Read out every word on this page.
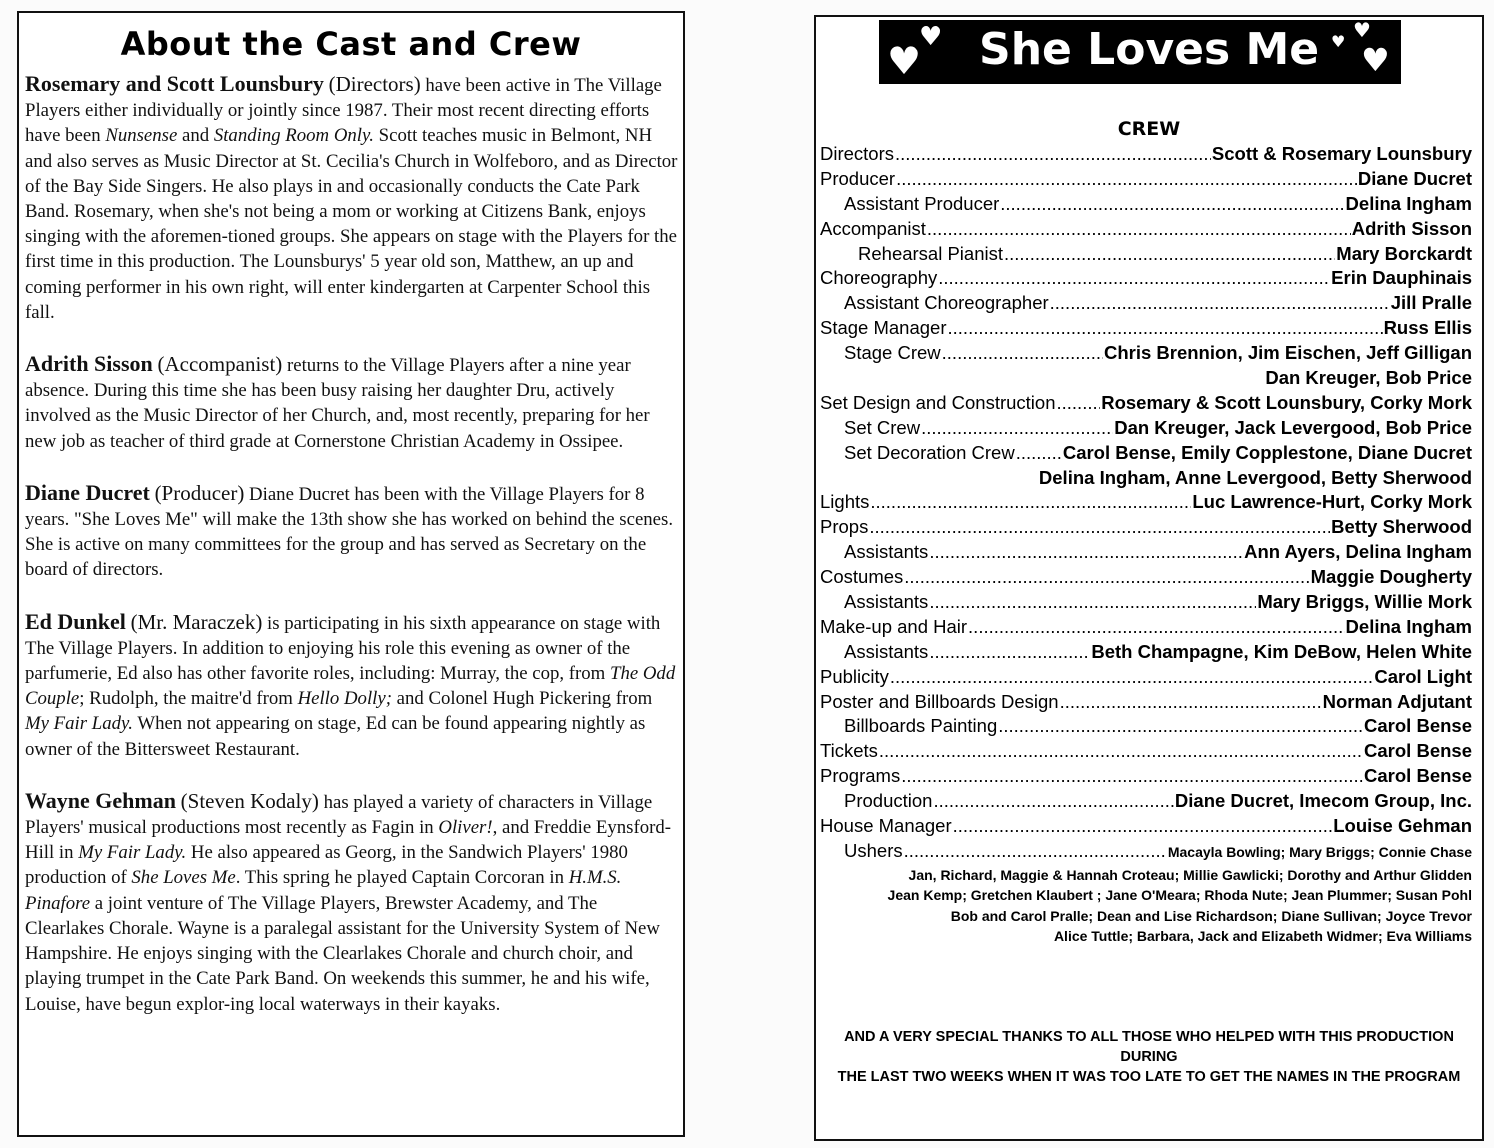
About the Cast and Crew

Rosemary and Scott Lounsbury (Directors) have been active in The Village Players either individually or jointly since 1987. Their most recent directing efforts have been Nunsense and Standing Room Only. Scott teaches music in Belmont, NH and also serves as Music Director at St. Cecilia's Church in Wolfeboro, and as Director of the Bay Side Singers. He also plays in and occasionally conducts the Cate Park Band. Rosemary, when she's not being a mom or working at Citizens Bank, enjoys singing with the aforemen-tioned groups. She appears on stage with the Players for the first time in this production. The Lounsburys' 5 year old son, Matthew, an up and coming performer in his own right, will enter kindergarten at Carpenter School this fall.

Adrith Sisson (Accompanist) returns to the Village Players after a nine year absence. During this time she has been busy raising her daughter Dru, actively involved as the Music Director of her Church, and, most recently, preparing for her new job as teacher of third grade at Cornerstone Christian Academy in Ossipee.

Diane Ducret (Producer) Diane Ducret has been with the Village Players for 8 years. "She Loves Me" will make the 13th show she has worked on behind the scenes. She is active on many committees for the group and has served as Secretary on the board of directors.

Ed Dunkel (Mr. Maraczek) is participating in his sixth appearance on stage with The Village Players. In addition to enjoying his role this evening as owner of the parfumerie, Ed also has other favorite roles, including: Murray, the cop, from The Odd Couple; Rudolph, the maitre'd from Hello Dolly; and Colonel Hugh Pickering from My Fair Lady. When not appearing on stage, Ed can be found appearing nightly as owner of the Bittersweet Restaurant.

Wayne Gehman (Steven Kodaly) has played a variety of characters in Village Players' musical productions most recently as Fagin in Oliver!, and Freddie Eynsford-Hill in My Fair Lady. He also appeared as Georg, in the Sandwich Players' 1980 production of She Loves Me. This spring he played Captain Corcoran in H.M.S. Pinafore a joint venture of The Village Players, Brewster Academy, and The Clearlakes Chorale. Wayne is a paralegal assistant for the University System of New Hampshire. He enjoys singing with the Clearlakes Chorale and church choir, and playing trumpet in the Cate Park Band. On weekends this summer, he and his wife, Louise, have begun explor-ing local waterways in their kayaks.

♥
♥ She Loves Me ♥ ♥
♥
CREW
Directors .....	Scott & Rosemary Lounsbury
Producer .....	Diane Ducret
Assistant Producer .....	Delina Ingham
Accompanist .....	Adrith Sisson
Rehearsal Pianist .....	Mary Borckardt
Choreography .....	Erin Dauphinais
Assistant Choreographer .....	Jill Pralle
Stage Manager .....	Russ Ellis
Stage Crew .....	Chris Brennion, Jim Eischen, Jeff Gilligan
Dan Kreuger, Bob Price
Set Design and Construction ..... Rosemary & Scott Lounsbury, Corky Mork
Set Crew .....	Dan Kreuger, Jack Levergood, Bob Price
Set Decoration Crew .....	Carol Bense, Emily Copplestone, Diane Ducret
Delina Ingham, Anne Levergood, Betty Sherwood
Lights .....	Luc Lawrence-Hurt, Corky Mork
Props .....	Betty Sherwood
Assistants .....	Ann Ayers, Delina Ingham
Costumes .....	Maggie Dougherty
Assistants .....	Mary Briggs, Willie Mork
Make-up and Hair .....	Delina Ingham
Assistants .....	Beth Champagne, Kim DeBow, Helen White
Publicity .....	Carol Light
Poster and Billboards Design .....	Norman Adjutant
Billboards Painting .....	Carol Bense
Tickets .....	Carol Bense
Programs .....	Carol Bense
Production .....	Diane Ducret, Imecom Group, Inc.
House Manager .....	Louise Gehman
Ushers .....	Macayla Bowling; Mary Briggs; Connie Chase
Jan, Richard, Maggie & Hannah Croteau; Millie Gawlicki; Dorothy and Arthur Glidden
Jean Kemp; Gretchen Klaubert ; Jane O'Meara; Rhoda Nute; Jean Plummer; Susan Pohl
Bob and Carol Pralle; Dean and Lise Richardson; Diane Sullivan; Joyce Trevor
Alice Tuttle; Barbara, Jack and Elizabeth Widmer; Eva Williams
AND A VERY SPECIAL THANKS TO ALL THOSE WHO HELPED WITH THIS PRODUCTION DURING
THE LAST TWO WEEKS WHEN IT WAS TOO LATE TO GET THE NAMES IN THE PROGRAM
